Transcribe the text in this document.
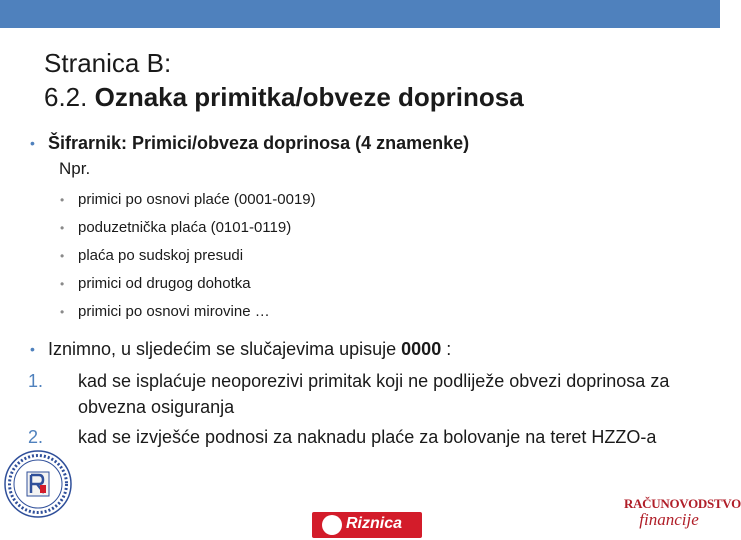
Stranica B:
6.2. Oznaka primitka/obveze doprinosa
• Šifrarnik: Primici/obveza doprinosa (4 znamenke)
Npr.
• primici po osnovi plaće (0001-0019)
• poduzetnička plaća (0101-0119)
• plaća po sudskoj presudi
• primici od drugog dohotka
• primici po osnovi mirovine …
• Iznimno, u sljedećim se slučajevima upisuje 0000 :
1. kad se isplaćuje neoporezivi primitak koji ne podliježe obvezi doprinosa za obvezna osiguranja
2. kad se izvješće podnosi za naknadu plaće za bolovanje na teret HZZO-a
Riznica
RAČUNOVODSTVO
financije
